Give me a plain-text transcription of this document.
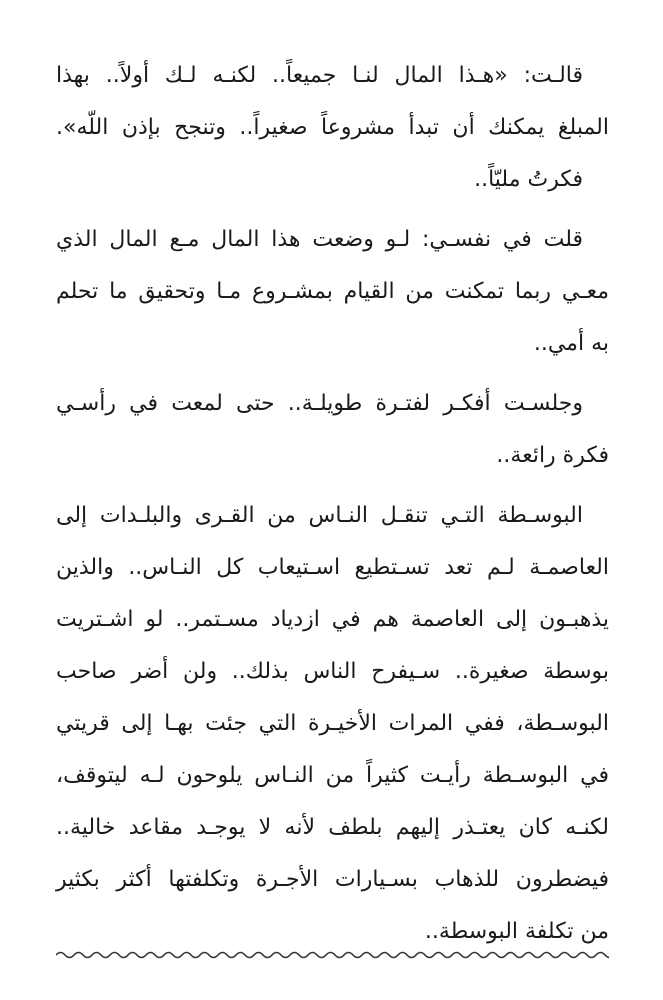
قالـت: «هـذا المال لنـا جميعاً.. لكنـه لـك أولاً.. بهذا
المبلغ يمكنك أن تبدأ مشروعاً صغيراً.. وتنجح بإذن اللّه».
فكرتُ مليّاً..
قلت في نفسـي: لـو وضعت هذا المال مـع المال الذي
معـي ربما تمكنت من القيام بمشـروع مـا وتحقيق ما تحلم
به أمي..
وجلسـت أفكـر لفتـرة طويلـة.. حتى لمعت في رأسـي
فكرة رائعة..
البوسـطة التـي تنقـل النـاس من القـرى والبلـدات إلى
العاصمـة لـم تعد تسـتطيع اسـتيعاب كل النـاس.. والذين
يذهبـون إلى العاصمة هم في ازدياد مسـتمر.. لو اشـتريت
بوسطة صغيرة.. سـيفرح الناس بذلك.. ولن أضر صاحب
البوسـطة، ففي المرات الأخيـرة التي جئت بهـا إلى قريتي
في البوسـطة رأيـت كثيراً من النـاس يلوحون لـه ليتوقف،
لكنـه كان يعتـذر إليهم بلطف لأنه لا يوجـد مقاعد خالية..
فيضطرون للذهاب بسـيارات الأجـرة وتكلفتها أكثر بكثير
من تكلفة البوسطة..
